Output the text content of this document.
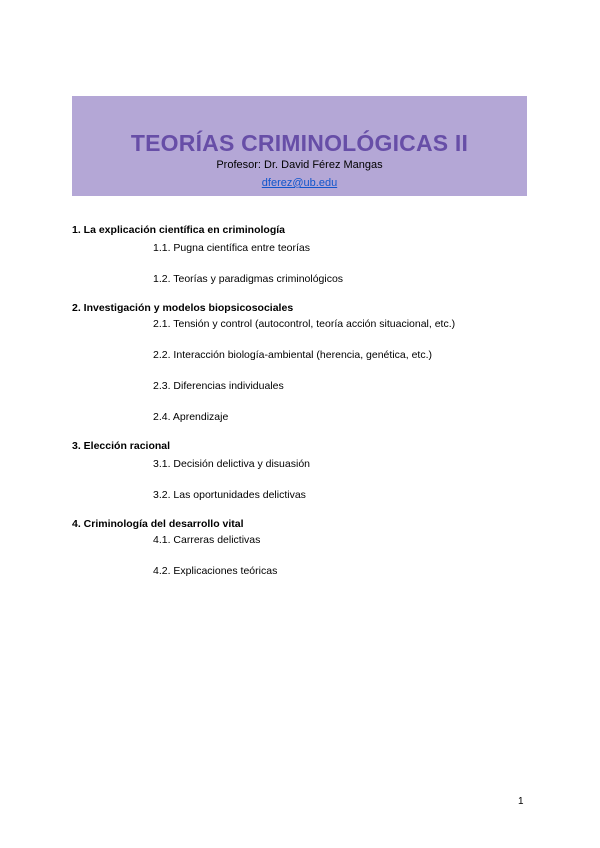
TEORÍAS CRIMINOLÓGICAS II
Profesor: Dr. David Férez Mangas
dferez@ub.edu
1. La explicación científica en criminología
1.1. Pugna científica entre teorías
1.2. Teorías y paradigmas criminológicos
2. Investigación y modelos biopsicosociales
2.1. Tensión y control (autocontrol, teoría acción situacional, etc.)
2.2. Interacción biología-ambiental (herencia, genética, etc.)
2.3. Diferencias individuales
2.4. Aprendizaje
3. Elección racional
3.1. Decisión delictiva y disuasión
3.2. Las oportunidades delictivas
4. Criminología del desarrollo vital
4.1. Carreras delictivas
4.2. Explicaciones teóricas
1
